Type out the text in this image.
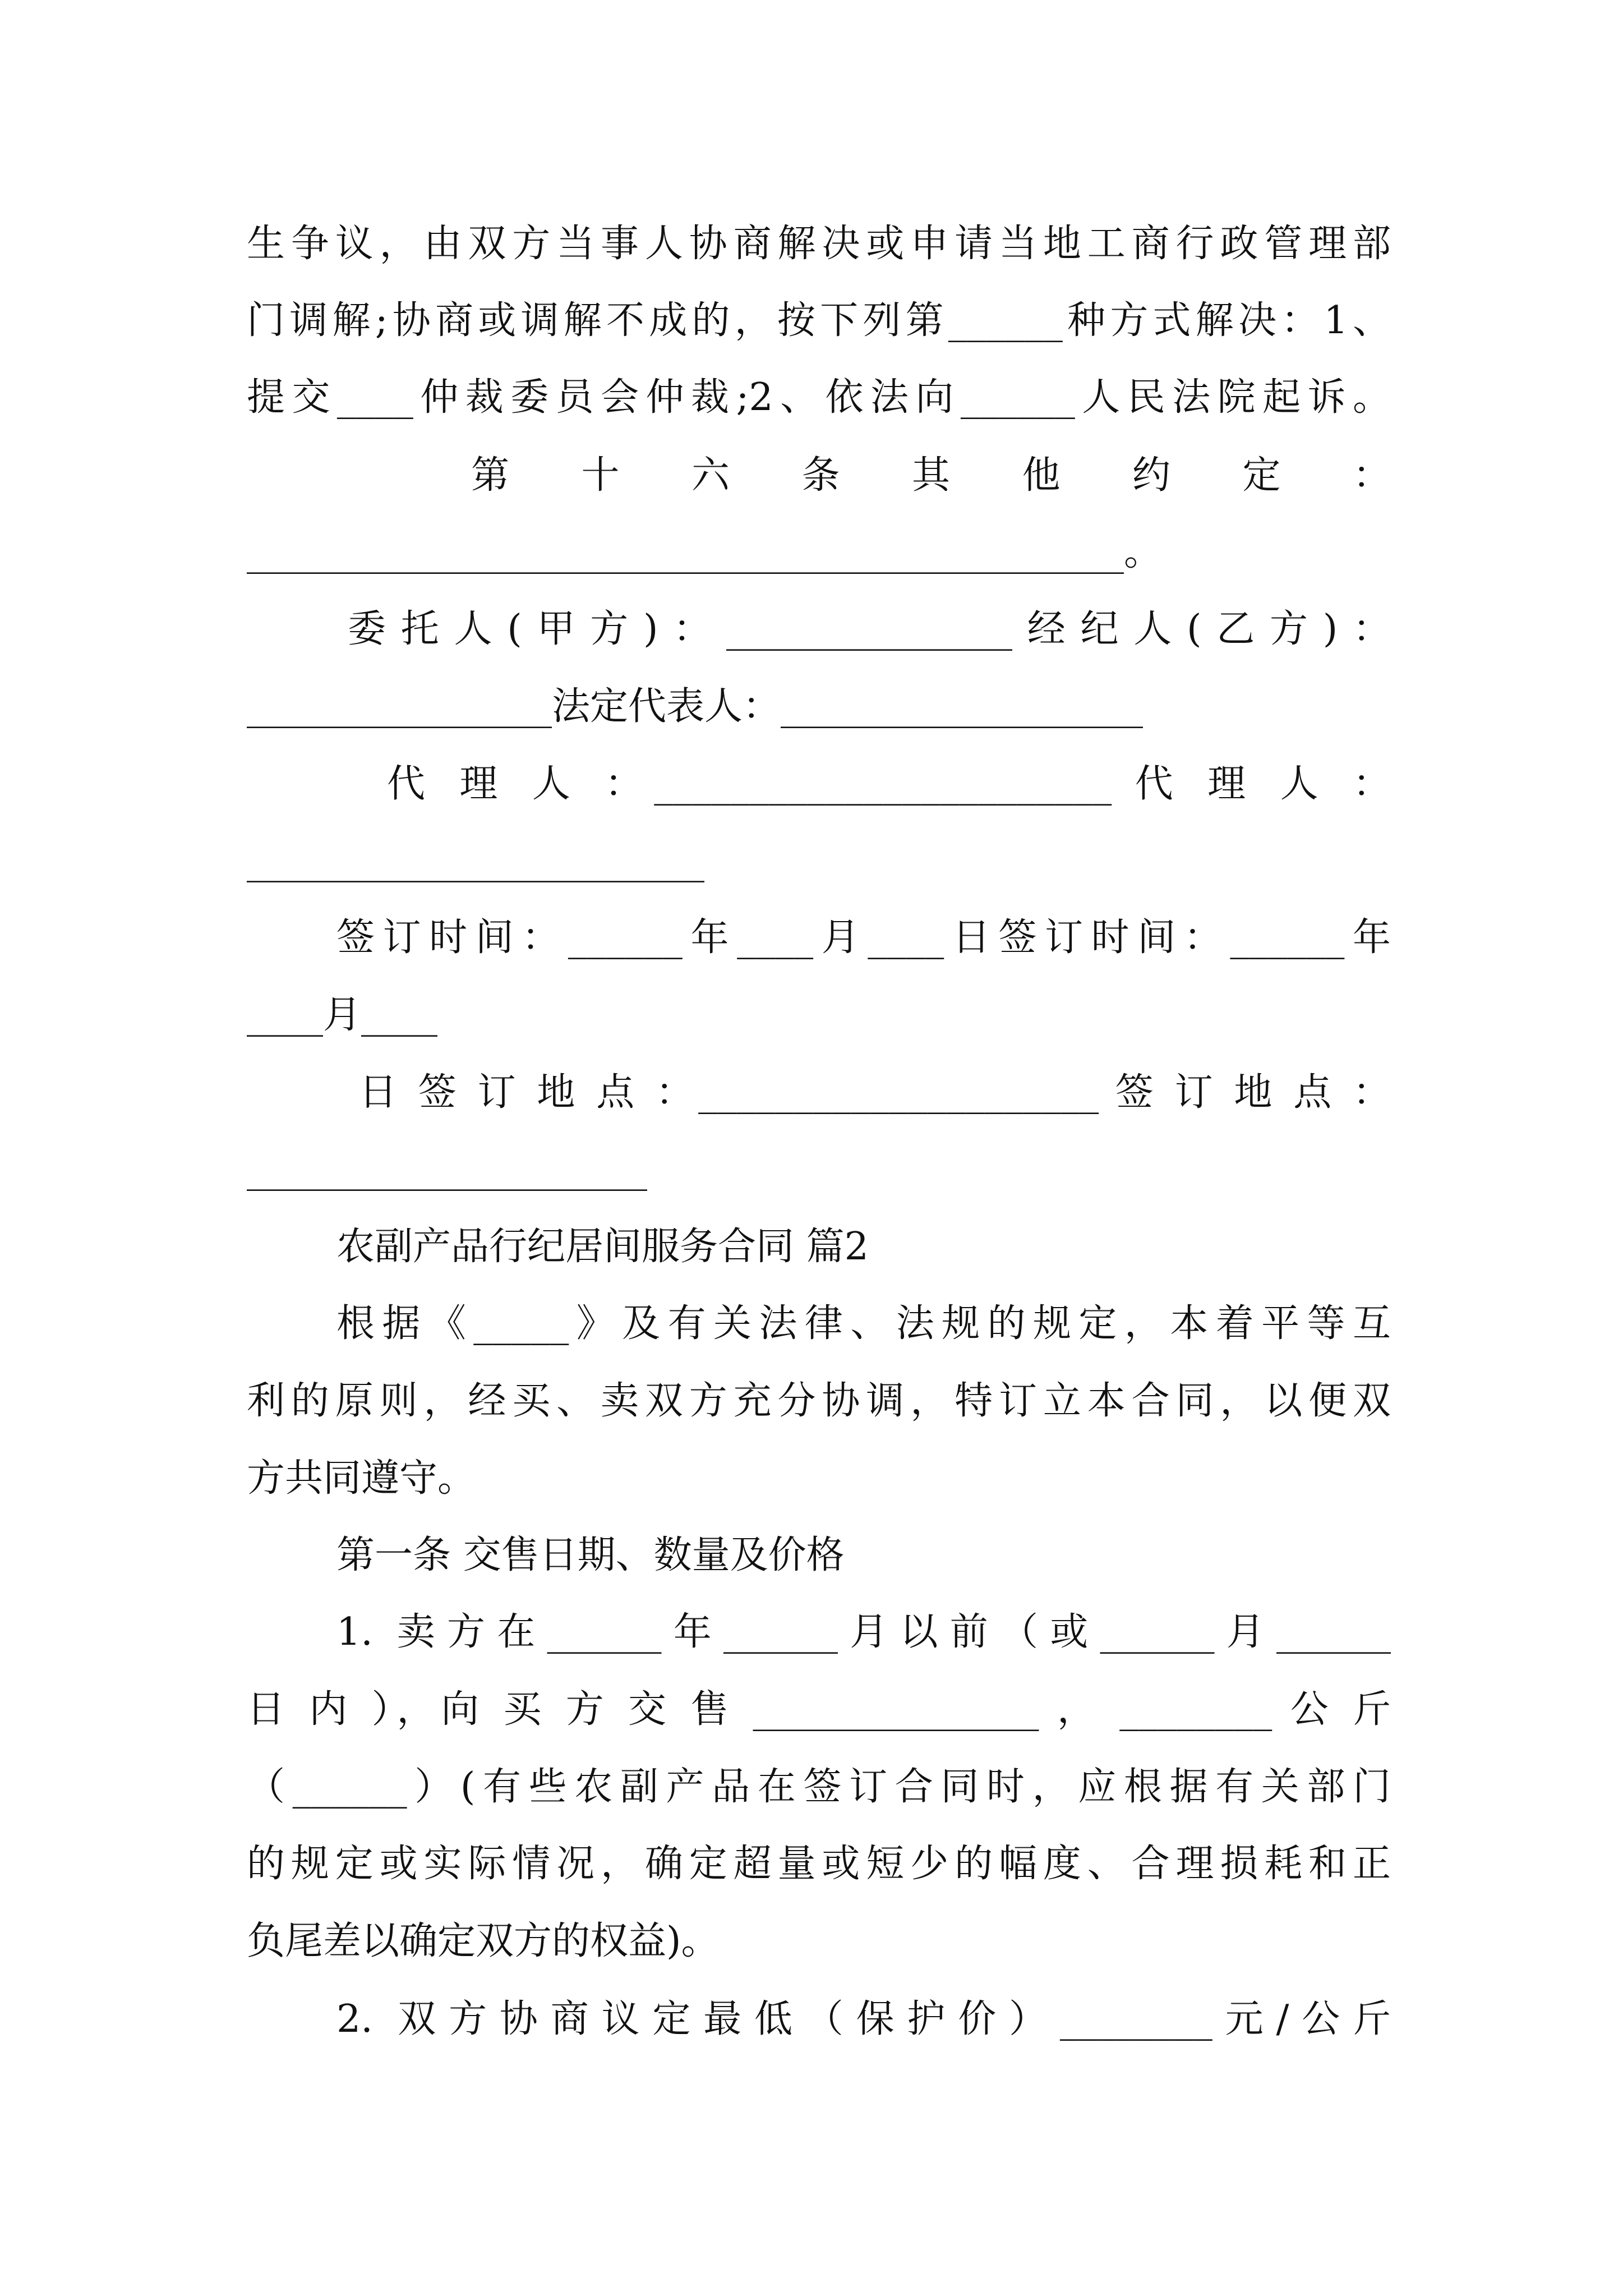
生争议，由双方当事人协商解决或申请当地工商行政管理部
门调解;协商或调解不成的，按下列第______种方式解决：1、
提交____仲裁委员会仲裁;2、依法向______人民法院起诉。
第 十 六 条 其 他 约 定 ：
______________________________________________。
委托人(甲方)：_______________经纪人(乙方)：
________________法定代表人：___________________
代 理 人 ：________________________ 代 理 人 ：
________________________
签订时间：______年____月____日签订时间：______年
____月____
日 签 订 地 点 ：_____________________ 签 订 地 点 ：
_____________________
农副产品行纪居间服务合同 篇2
根据《_____》及有关法律、法规的规定，本着平等互
利的原则，经买、卖双方充分协调，特订立本合同，以便双
方共同遵守。
第一条 交售日期、数量及价格
1. 卖方在______年______月以前（或______月______
日 内 ），向 买 方 交 售 _______________ ， ________ 公 斤
（______）(有些农副产品在签订合同时，应根据有关部门
的规定或实际情况，确定超量或短少的幅度、合理损耗和正
负尾差以确定双方的权益)。
2. 双方协商议定最低（保护价）________元/公斤
